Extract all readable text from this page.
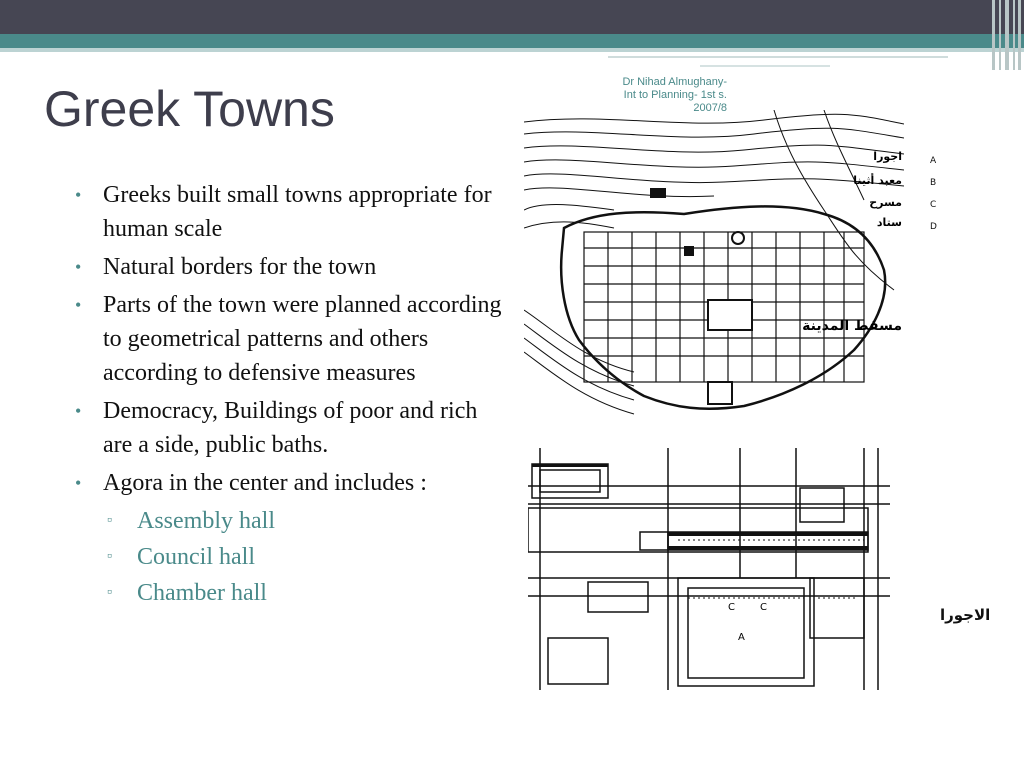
Greek Towns	Dr Nihad Almughany-
Int to Planning- 1st s.
2007/8
• Greeks built small towns appropriate for human scale
• Natural borders for the town
• Parts of the town were planned according to geometrical patterns and others according to defensive measures
• Democracy, Buildings of poor and rich are a side, public baths.
• Agora in the center and includes :
▫ Assembly hall
▫ Council hall
▫ Chamber hall
اجورا
معبد أثينا
مسرح
ستاد
مسقط المدينة
A
B
C
D
C	C
A
الاجورا
